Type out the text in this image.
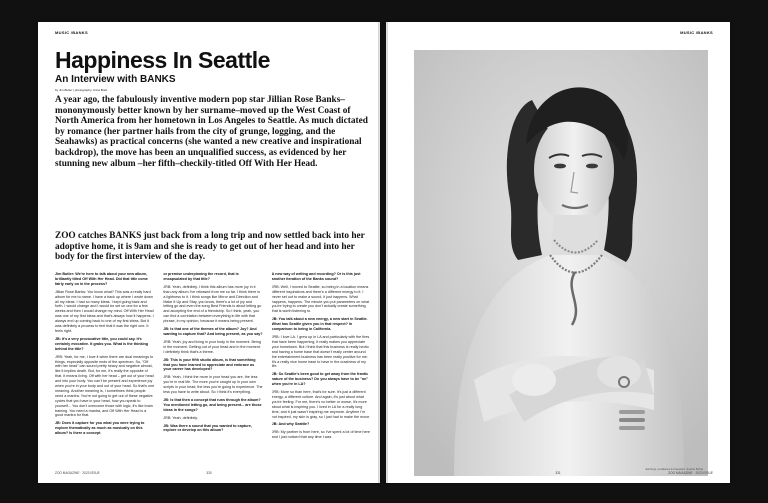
MUSIC /BANKS
Happiness In Seattle
An Interview with BANKS
by Jim Butler | photography: Anna Brett

A year ago, the fabulously inventive modern pop star Jillian Rose Banks–mononymously better known by her surname–moved up the West Coast of North America from her hometown in Los Angeles to Seattle. As much dictated by romance (her partner hails from the city of grunge, logging, and the Seahawks) as practical concerns (she wanted a new creative and inspirational backdrop), the move has been an unqualified success, as evidenced by her stunning new album –her fifth–checkily-titled Off With Her Head.

ZOO catches BANKS just back from a long trip and now settled back into her adoptive home, it is 9am and she is ready to get out of her head and into her body for the first interview of the day.

Jim Butler: We're here to talk about your new album, brilliantly titled Off With Her Head. Did that title come fairly early on in the process?

Jillian Rose Banks: You know what? This was a really hard album for me to name. I have a back up where I wrote down all my ideas. I had so many ideas. I kept going back and forth. I would change and I would be set on one for a few weeks and then I would change my mind. Off With Her Head was one of my first ideas and that's always how it happens. I always end up coming back to one of my first ideas. But it was definitely a process to feel that it was the right one. It feels right.

JB: It's a very provocative title, you could say. It's certainly evocative. It grabs you. What is the thinking behind the title?

JRB: Yeah, for me, I love it when there are dual meanings to things, especially opposite ends of the spectrum. So, "Off with her head" can sound pretty heavy and negative almost, like it implies death. But, for me, it's really the opposite of that. It means living. Off with her head – get out of your head and into your body. You can't be present and experience joy when you're in your body and out of your head. So that's one meaning. Another meaning is, I sometimes think people need a mantra. You're not going to get out of these negative cycles that you have in your head, how you speak to yourself... You don't overcome those with logic, it's like brain training. You need a mantra, and Off With Her Head is a good mantra for that.

JB: Does it capture for you what you were trying to explore thematically as much as musically on this album? Is there a concept

or premise underpinning the record, that is encapsulated by that title?

JRB: Yeah, definitely. I think this album has more joy in it than any album I've released from me so far. I think there is a lightness to it. I think songs like Mirror and Direction and Make It Up and Stay, you know, there's a lot of joy and letting go and even the song Best Friends is about letting go and accepting the end of a friendship. So I think, yeah, you can find a correlation between everything in life with that phrase, in my opinion, because it means being present.

JB: Is that one of the themes of the album? Joy? And wanting to capture that? And being present, as you say?

JRB: Yeah, joy and living in your body in the moment. Being in the moment. Getting out of your head and in the moment. I definitely think that's a theme.

JB: This is your fifth studio album, is that something that you have learned to appreciate and embrace as your career has developed?

JRB: Yeah, I think the more in your head you are, the less you're in real life. The more you're caught up in your own scripts in your head, the less you're going to experience. The less you have to write about. So I think it's everything.

JB: Is that then a concept that runs through the album? You mentioned letting go, and being present... are those ideas in the songs?

JRB: Yeah, definitely.

JB: Was there a sound that you wanted to capture, explore or develop on this album?

A new way of writing and recording? Or is this just another iteration of the Banks sound?

JRB: Well, I moved to Seattle, so being in a location means different inspirations and there's a different energy to it. I never set out to make a sound, it just happens. What happens, happens. The minute you put parameters on what you're trying to create you don't actually create something that is worth listening to.

JB: You talk about a new energy, a new start in Seattle. What has Seattle given you in that respect? In comparison to being in California.

JRB: I love LA. I grew up in LA and particularly with the fires that have been happening, it really makes you appreciate your hometown. But I think that this business is really hectic and having a home base that doesn't really center around the entertainment business has been really positive for me. It's a really nice home base to have in the craziness of my life.

JB: So Seattle's been good to get away from the frantic nature of the business? Do you always have to be "on" when you're in LA?

JRB: More so than here, that's for sure. It's just a different energy, a different culture. And again, it's just about what you're feeling. For me, there's no better or worse, it's more about what is inspiring you. I lived in LA for a really long time, and it just wasn't inspiring me anymore. Anytime I'm not inspired, my skin is gray, so I just had to make the move.

JB: And why Seattle?

JRB: My partner is from here, so I've spent a lot of time here and I just noticed that any time I was

ZOO MAGAZINE · 2023 ISSUE	330
MUSIC /BANKS
Earrings, necklaces & bracelets: Sophie Buhai
331	ZOO MAGAZINE · 2023 ISSUE
